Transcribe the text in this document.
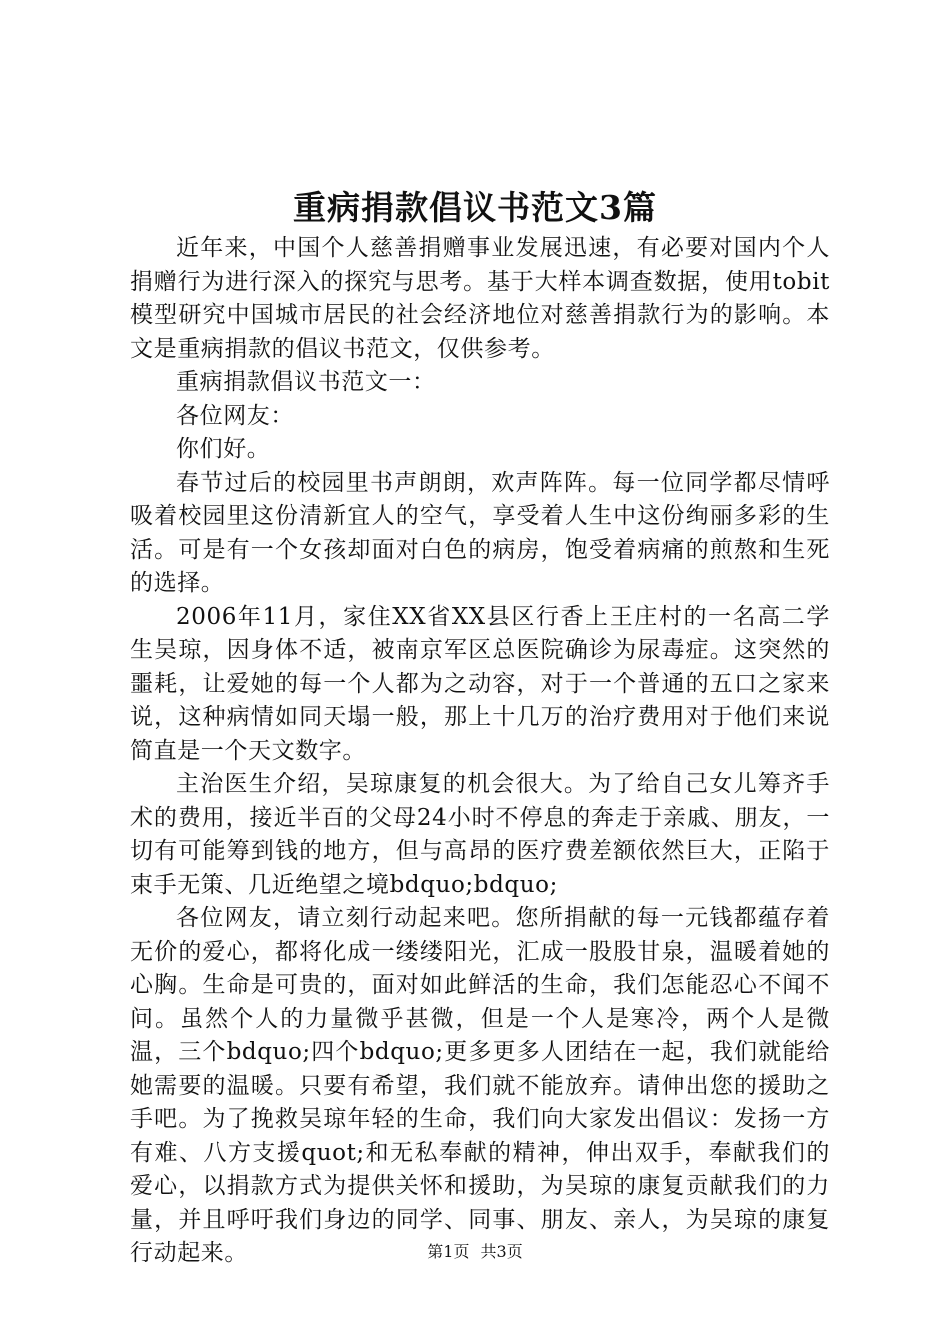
重病捐款倡议书范文3篇

近年来，中国个人慈善捐赠事业发展迅速，有必要对国内个人捐赠行为进行深入的探究与思考。基于大样本调查数据，使用tobit模型研究中国城市居民的社会经济地位对慈善捐款行为的影响。本文是重病捐款的倡议书范文，仅供参考。

重病捐款倡议书范文一：

各位网友：

你们好。

春节过后的校园里书声朗朗，欢声阵阵。每一位同学都尽情呼吸着校园里这份清新宜人的空气，享受着人生中这份绚丽多彩的生活。可是有一个女孩却面对白色的病房，饱受着病痛的煎熬和生死的选择。

2006年11月，家住XX省XX县区行香上王庄村的一名高二学生吴琼，因身体不适，被南京军区总医院确诊为尿毒症。这突然的噩耗，让爱她的每一个人都为之动容，对于一个普通的五口之家来说，这种病情如同天塌一般，那上十几万的治疗费用对于他们来说简直是一个天文数字。

主治医生介绍，吴琼康复的机会很大。为了给自己女儿筹齐手术的费用，接近半百的父母24小时不停息的奔走于亲戚、朋友，一切有可能筹到钱的地方，但与高昂的医疗费差额依然巨大，正陷于束手无策、几近绝望之境bdquo;bdquo;

各位网友，请立刻行动起来吧。您所捐献的每一元钱都蕴存着无价的爱心，都将化成一缕缕阳光，汇成一股股甘泉，温暖着她的心胸。生命是可贵的，面对如此鲜活的生命，我们怎能忍心不闻不问。虽然个人的力量微乎甚微，但是一个人是寒冷，两个人是微温，三个bdquo;四个bdquo;更多更多人团结在一起，我们就能给她需要的温暖。只要有希望，我们就不能放弃。请伸出您的援助之手吧。为了挽救吴琼年轻的生命，我们向大家发出倡议：发扬一方有难、八方支援quot;和无私奉献的精神，伸出双手，奉献我们的爱心，以捐款方式为提供关怀和援助，为吴琼的康复贡献我们的力量，并且呼吁我们身边的同学、同事、朋友、亲人，为吴琼的康复行动起来。	第1页 共3页
